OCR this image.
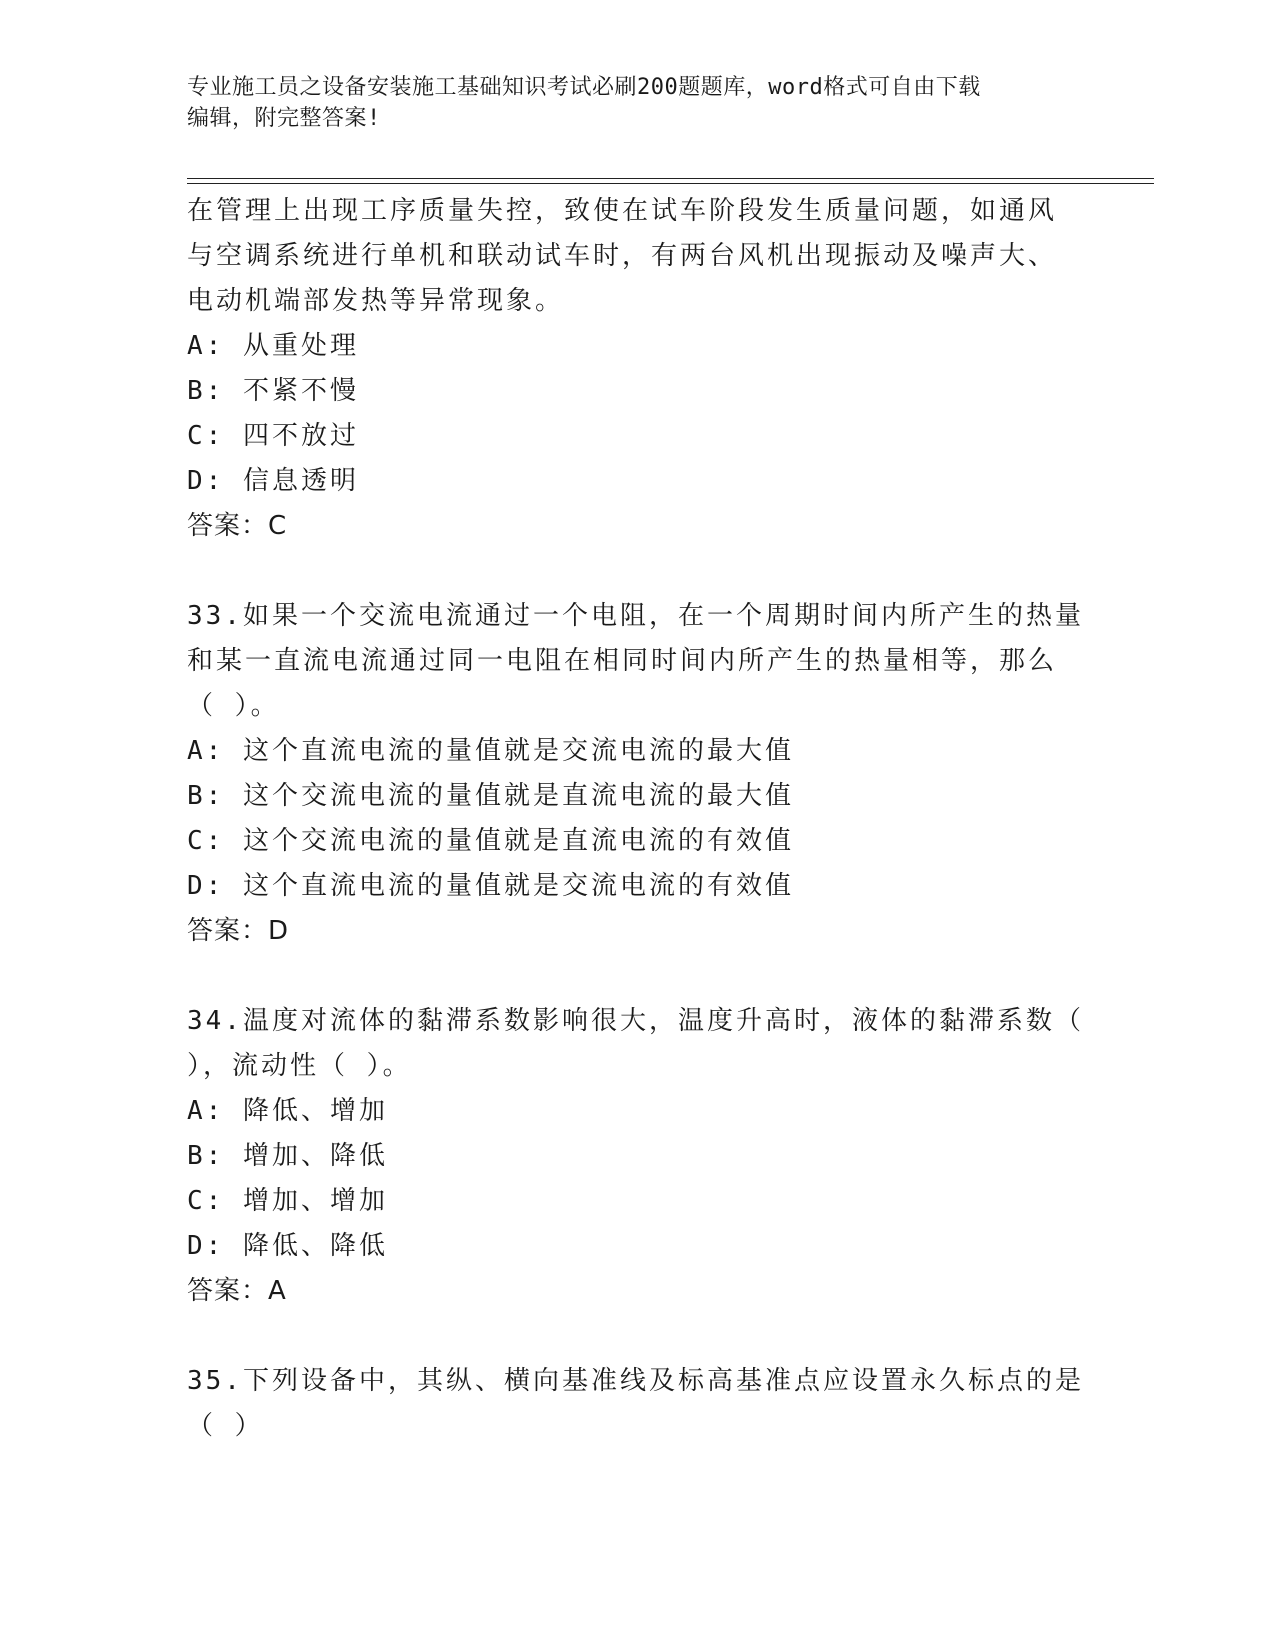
专业施工员之设备安装施工基础知识考试必刷200题题库，word格式可自由下载
编辑，附完整答案!
在管理上出现工序质量失控，致使在试车阶段发生质量问题，如通风
与空调系统进行单机和联动试车时，有两台风机出现振动及噪声大、
电动机端部发热等异常现象。
A: 从重处理
B: 不紧不慢
C: 四不放过
D: 信息透明
答案：C
33.如果一个交流电流通过一个电阻，在一个周期时间内所产生的热量
和某一直流电流通过同一电阻在相同时间内所产生的热量相等，那么
（ ）。
A: 这个直流电流的量值就是交流电流的最大值
B: 这个交流电流的量值就是直流电流的最大值
C: 这个交流电流的量值就是直流电流的有效值
D: 这个直流电流的量值就是交流电流的有效值
答案：D
34.温度对流体的黏滞系数影响很大，温度升高时，液体的黏滞系数（
），流动性（ ）。
A: 降低、增加
B: 增加、降低
C: 增加、增加
D: 降低、降低
答案：A
35.下列设备中，其纵、横向基准线及标高基准点应设置永久标点的是
（ ）
